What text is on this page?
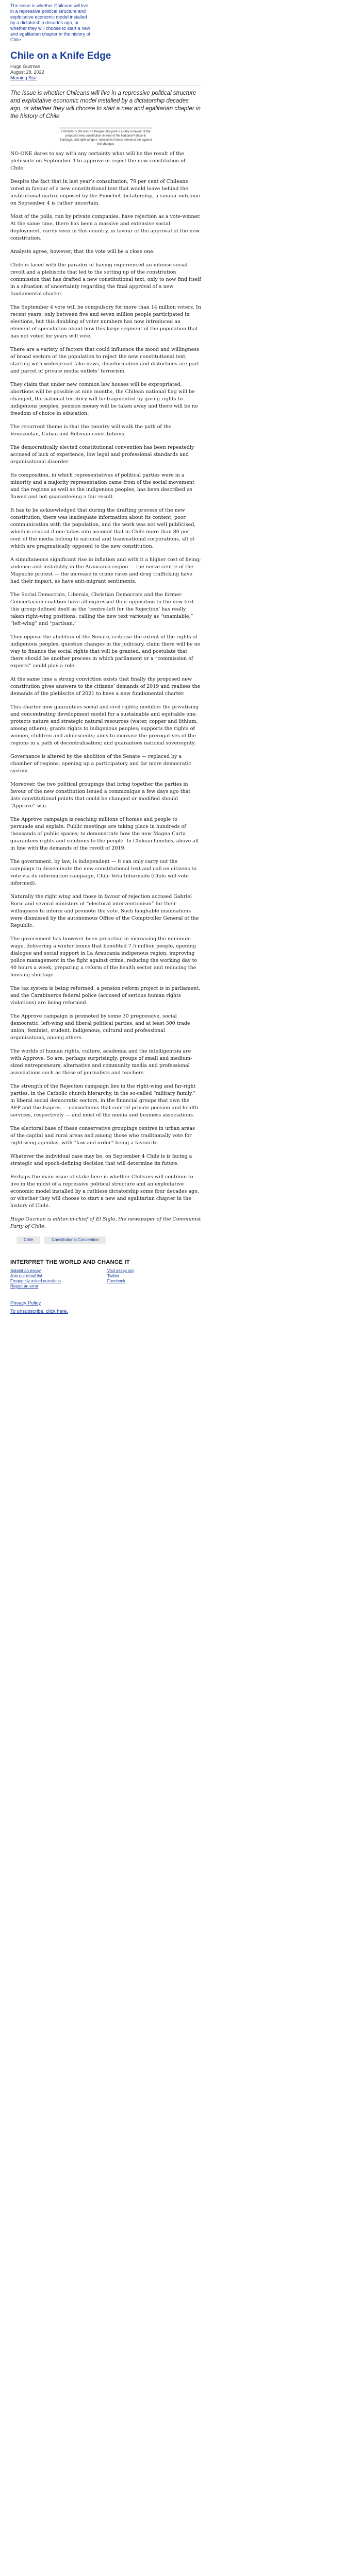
The issue is whether Chileans will live in a repressive political structure and exploitative economic model installed by a dictatorship decades ago, or whether they will choose to start a new and egalitarian chapter in the history of Chile
Chile on a Knife Edge
Hugo Guzman
August 28, 2022
Morning Star

The issue is whether Chileans will live in a repressive political structure and exploitative economic model installed by a dictatorship decades ago, or whether they will choose to start a new and egalitarian chapter in the history of Chile

FORWARD OR BACK? People take part in a rally in favour of the proposed new constitution in front of the National Palace in Santiago, and right-wingers’ rejectionist forces demonstrate against the changes

NO-ONE dares to say with any certainty what will be the result of the plebiscite on September 4 to approve or reject the new constitution of Chile.

Despite the fact that in last year’s consultation, 79 per cent of Chileans voted in favour of a new constitutional text that would leave behind the institutional matrix imposed by the Pinochet dictatorship, a similar outcome on September 4 is rather uncertain.

Most of the polls, run by private companies, have rejection as a vote-winner. At the same time, there has been a massive and extensive social deployment, rarely seen in this country, in favour of the approval of the new constitution.

Analysts agree, however, that the vote will be a close one.

Chile is faced with the paradox of having experienced an intense social revolt and a plebiscite that led to the setting up of the constitution commission that has drafted a new constitutional text, only to now find itself in a situation of uncertainty regarding the final approval of a new fundamental charter.

The September 4 vote will be compulsory for more than 14 million voters. In recent years, only between five and seven million people participated in elections, but this doubling of voter numbers has now introduced an element of speculation about how this large segment of the population that has not voted for years will vote.

There are a variety of factors that could influence the mood and willingness of broad sectors of the population to reject the new constitutional text, starting with widespread fake news, disinformation and distortions are part and parcel of private media outlets’ terrorism.

They claim that under new common law houses will be expropriated, abortions will be possible at nine months, the Chilean national flag will be changed, the national territory will be fragmented by giving rights to indigenous peoples, pension money will be taken away and there will be no freedom of choice in education.

The recurrent theme is that the country will walk the path of the Venezuelan, Cuban and Bolivian constitutions.

The democratically elected constitutional convention has been repeatedly accused of lack of experience, low legal and professional standards and organisational disorder.

Its composition, in which representatives of political parties were in a minority and a majority representation came from of the social movement and the regions as well as the indigenous peoples, has been described as flawed and not guaranteeing a fair result.

It has to be acknowledged that during the drafting process of the new constitution, there was inadequate information about its content, poor communication with the population, and the work was not well publicised, which is crucial if one takes into account that in Chile more than 80 per cent of the media belong to national and transnational corporations, all of which are pragmatically opposed to the new constitution.

A simultaneous significant rise in inflation and with it a higher cost of living; violence and instability in the Araucania region — the nerve centre of the Mapuche protest — the increase in crime rates and drug trafficking have had their impact, as have anti-migrant sentiments.

The Social Democrats, Liberals, Christian Democrats and the former Concertacion coalition have all expressed their opposition to the new text — this group defined itself as the ‘centre-left for the Rejection’ has really taken right-wing positions, calling the new text variously as “unamiable,” “left-wing” and “partisan.”

They oppose the abolition of the Senate, criticise the extent of the rights of indigenous peoples, question changes in the judiciary, claim there will be no way to finance the social rights that will be granted, and postulate that there should be another process in which parliament or a “commission of experts” could play a role.

At the same time a strong conviction exists that finally the proposed new constitution gives answers to the citizens’ demands of 2019 and realises the demands of the plebiscite of 2021 to have a new fundamental charter.

This charter now guarantees social and civil rights; modifies the privatising and concentrating development model for a sustainable and equitable one; protects nature and strategic natural resources (water, copper and lithium, among others); grants rights to indigenous peoples; supports the rights of women, children and adolescents; aims to increase the prerogatives of the regions in a path of decentralisation; and guarantees national sovereignty.

Governance is altered by the abolition of the Senate — replaced by a chamber of regions, opening up a participatory and far more democratic system.

Moreover, the two political groupings that bring together the parties in favour of the new constitution issued a commonique a few days ago that lists constitutional points that could be changed or modified should “Approve” win.

The Approve campaign is reaching millions of homes and people to persuade and explain. Public meetings are taking place in hundreds of thousands of public spaces; to demonstrate how the new Magna Carta guarantees rights and solutions to the people. In Chilean families, above all in line with the demands of the revolt of 2019.

The government, by law, is independent — it can only carry out the campaign to disseminate the new constitutional text and call on citizens to vote via its information campaign, Chile Vota Informado (Chile will vote informed).

Naturally the right wing and those in favour of rejection accused Gabriel Boric and several ministers of “electoral interventionism” for their willingness to inform and promote the vote. Such laughable insinuations were dismissed by the autonomous Office of the Comptroller General of the Republic.

The government has however been proactive in increasing the minimum wage, delivering a winter bonus that benefited 7.5 million people, opening dialogue and social support in La Araucania indigenous region, improving police management in the fight against crime, reducing the working day to 40 hours a week, preparing a reform of the health sector and reducing the housing shortage.

The tax system is being reformed, a pension reform project is in parliament, and the Carabineros federal police (accused of serious human rights violations) are being reformed.

The Approve campaign is promoted by some 30 progressive, social democratic, left-wing and liberal political parties, and at least 300 trade union, feminist, student, indigenous, cultural and professional organisations, among others.

The worlds of human rights, culture, academia and the intelligentsia are with Approve. So are, perhaps surprisingly, groups of small and medium-sized entrepreneurs, alternative and community media and professional associations such as those of journalists and teachers.

The strength of the Rejection campaign lies in the right-wing and far-right parties, in the Catholic church hierarchy, in the so-called “military family,” in liberal social democratic sectors, in the financial groups that own the AFP and the Isapres — consortiums that control private pension and health services, respectively — and most of the media and business associations.

The electoral base of these conservative groupings centres in urban areas of the capital and rural areas and among those who traditionally vote for right-wing agendas, with “law and order” being a favourite.

Whatever the individual case may be, on September 4 Chile is is facing a strategic and epoch-defining decision that will determine its future.

Perhaps the main issue at stake here is whether Chileans will continue to live in the midst of a repressive political structure and an exploitative economic model installed by a ruthless dictatorship some four decades ago, or whether they will choose to start a new and egalitarian chapter in the history of Chile.

Hugo Guzman is editor-in-chief of El Siglo, the newspaper of the Communist Party of Chile.

Chile	Constitutional Convention
INTERPRET THE WORLD AND CHANGE IT
Submit an essay
Join our email list
Frequently asked questions
Report an error
Visit essay.org
Twitter
Facebook
Privacy Policy
To unsubscribe, click here.
